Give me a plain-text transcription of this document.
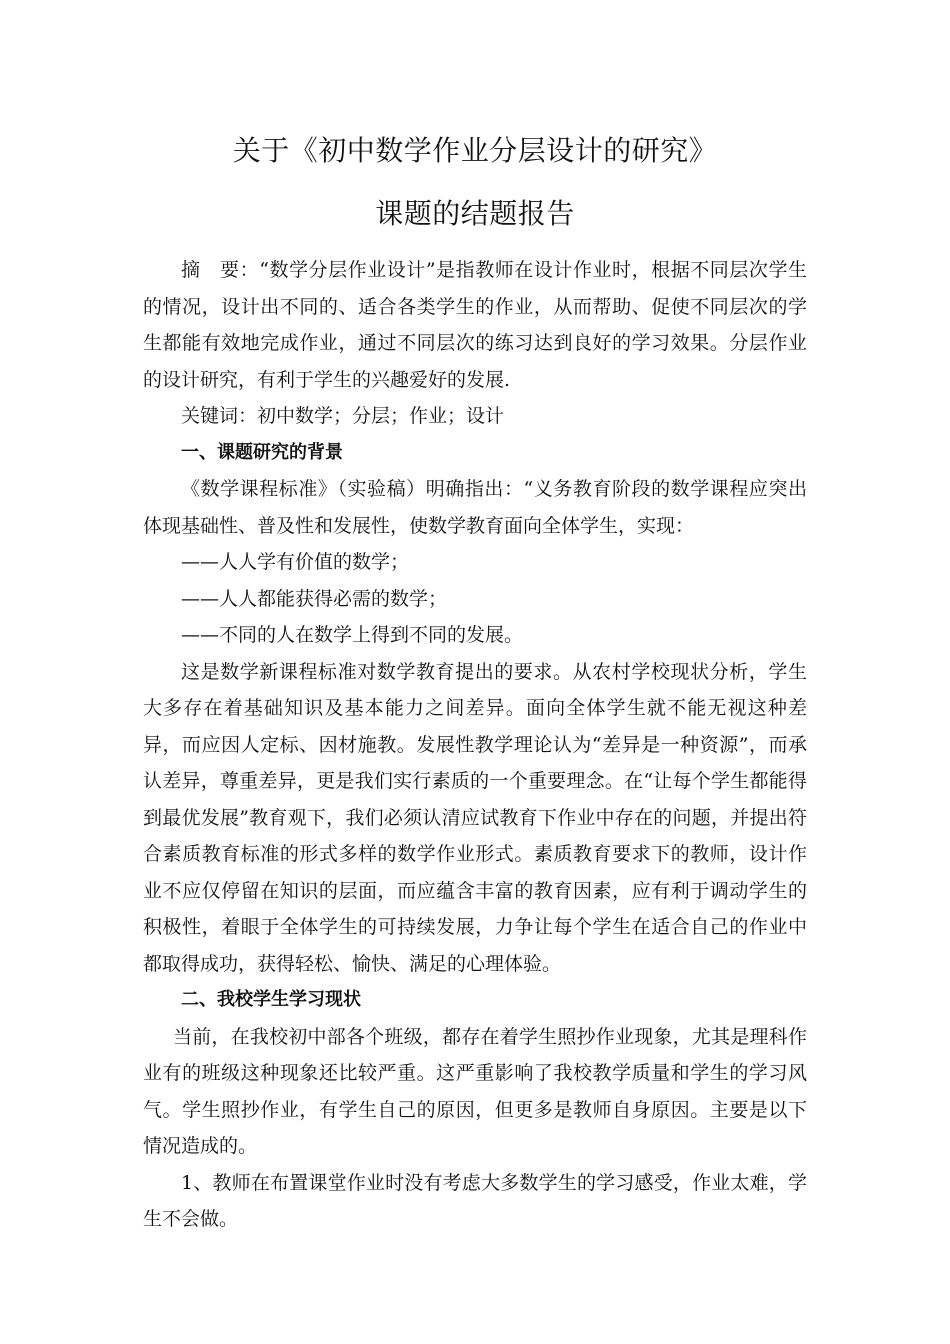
关于《初中数学作业分层设计的研究》
课题的结题报告

摘　要：“数学分层作业设计”是指教师在设计作业时，根据不同层次学生的情况，设计出不同的、适合各类学生的作业，从而帮助、促使不同层次的学生都能有效地完成作业，通过不同层次的练习达到良好的学习效果。分层作业的设计研究，有利于学生的兴趣爱好的发展.

关键词：初中数学；分层；作业；设计

一、课题研究的背景

《数学课程标准》（实验稿）明确指出：“义务教育阶段的数学课程应突出体现基础性、普及性和发展性，使数学教育面向全体学生，实现：

——人人学有价值的数学；

——人人都能获得必需的数学；

——不同的人在数学上得到不同的发展。

这是数学新课程标准对数学教育提出的要求。从农村学校现状分析，学生大多存在着基础知识及基本能力之间差异。面向全体学生就不能无视这种差异，而应因人定标、因材施教。发展性教学理论认为“差异是一种资源”，而承认差异，尊重差异，更是我们实行素质的一个重要理念。在“让每个学生都能得到最优发展”教育观下，我们必须认清应试教育下作业中存在的问题，并提出符合素质教育标准的形式多样的数学作业形式。素质教育要求下的教师，设计作业不应仅停留在知识的层面，而应蕴含丰富的教育因素，应有利于调动学生的积极性，着眼于全体学生的可持续发展，力争让每个学生在适合自己的作业中都取得成功，获得轻松、愉快、满足的心理体验。

二、我校学生学习现状

当前，在我校初中部各个班级，都存在着学生照抄作业现象，尤其是理科作业有的班级这种现象还比较严重。这严重影响了我校教学质量和学生的学习风气。学生照抄作业，有学生自己的原因，但更多是教师自身原因。主要是以下情况造成的。

1、教师在布置课堂作业时没有考虑大多数学生的学习感受，作业太难，学生不会做。
